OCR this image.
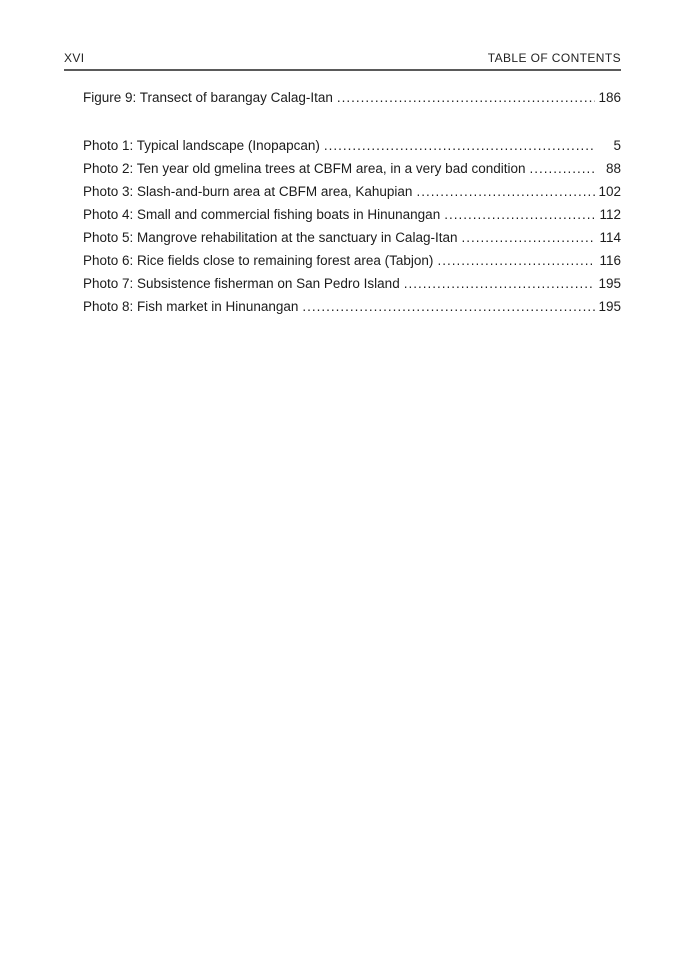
XVI	TABLE OF CONTENTS
Figure 9: Transect of barangay Calag-Itan .....	186
Photo 1: Typical landscape (Inopapcan) .....	5
Photo 2: Ten year old gmelina trees at CBFM area, in a very bad condition .....	88
Photo 3: Slash-and-burn area at CBFM area, Kahupian .....	102
Photo 4: Small and commercial fishing boats in Hinunangan .....	112
Photo 5: Mangrove rehabilitation at the sanctuary in Calag-Itan .....	114
Photo 6: Rice fields close to remaining forest area (Tabjon) .....	116
Photo 7: Subsistence fisherman on San Pedro Island .....	195
Photo 8: Fish market in Hinunangan .....	195
